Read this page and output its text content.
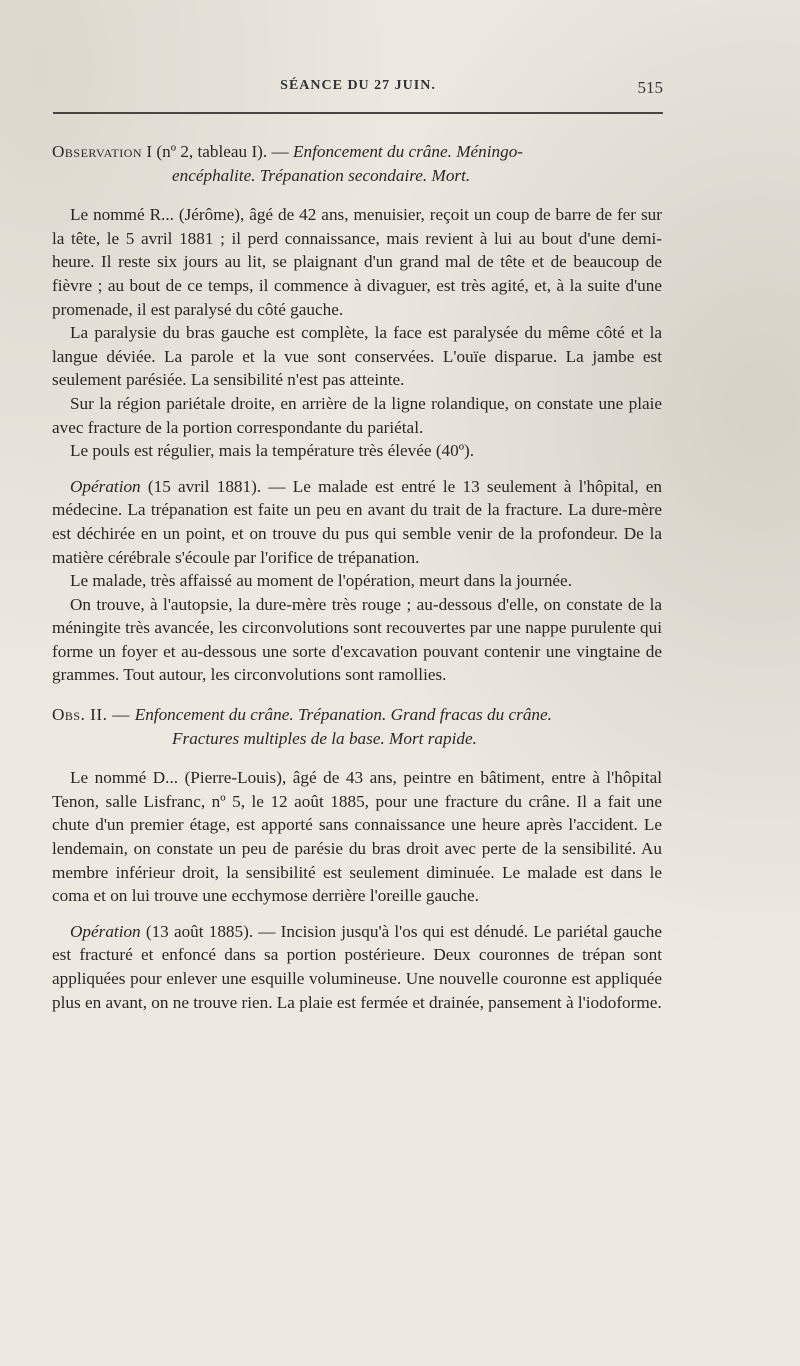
SÉANCE DU 27 JUIN.	515
Observation I (nº 2, tableau I). — Enfoncement du crâne. Méningo-
encéphalite. Trépanation secondaire. Mort.

Le nommé R... (Jérôme), âgé de 42 ans, menuisier, reçoit un coup de barre de fer sur la tête, le 5 avril 1881 ; il perd connaissance, mais revient à lui au bout d'une demi-heure. Il reste six jours au lit, se plaignant d'un grand mal de tête et de beaucoup de fièvre ; au bout de ce temps, il commence à divaguer, est très agité, et, à la suite d'une promenade, il est paralysé du côté gauche.

La paralysie du bras gauche est complète, la face est paralysée du même côté et la langue déviée. La parole et la vue sont conservées. L'ouïe disparue. La jambe est seulement parésiée. La sensibilité n'est pas atteinte.

Sur la région pariétale droite, en arrière de la ligne rolandique, on constate une plaie avec fracture de la portion correspondante du pariétal.

Le pouls est régulier, mais la température très élevée (40º).

Opération (15 avril 1881). — Le malade est entré le 13 seulement à l'hôpital, en médecine. La trépanation est faite un peu en avant du trait de la fracture. La dure-mère est déchirée en un point, et on trouve du pus qui semble venir de la profondeur. De la matière cérébrale s'écoule par l'orifice de trépanation.

Le malade, très affaissé au moment de l'opération, meurt dans la journée.

On trouve, à l'autopsie, la dure-mère très rouge ; au-dessous d'elle, on constate de la méningite très avancée, les circonvolutions sont recouvertes par une nappe purulente qui forme un foyer et au-dessous une sorte d'excavation pouvant contenir une vingtaine de grammes. Tout autour, les circonvolutions sont ramollies.

Obs. II. — Enfoncement du crâne. Trépanation. Grand fracas du crâne.
Fractures multiples de la base. Mort rapide.

Le nommé D... (Pierre-Louis), âgé de 43 ans, peintre en bâtiment, entre à l'hôpital Tenon, salle Lisfranc, nº 5, le 12 août 1885, pour une fracture du crâne. Il a fait une chute d'un premier étage, est apporté sans connaissance une heure après l'accident. Le lendemain, on constate un peu de parésie du bras droit avec perte de la sensibilité. Au membre inférieur droit, la sensibilité est seulement diminuée. Le malade est dans le coma et on lui trouve une ecchymose derrière l'oreille gauche.

Opération (13 août 1885). — Incision jusqu'à l'os qui est dénudé. Le pariétal gauche est fracturé et enfoncé dans sa portion postérieure. Deux couronnes de trépan sont appliquées pour enlever une esquille volumineuse. Une nouvelle couronne est appliquée plus en avant, on ne trouve rien. La plaie est fermée et drainée, pansement à l'iodoforme.
